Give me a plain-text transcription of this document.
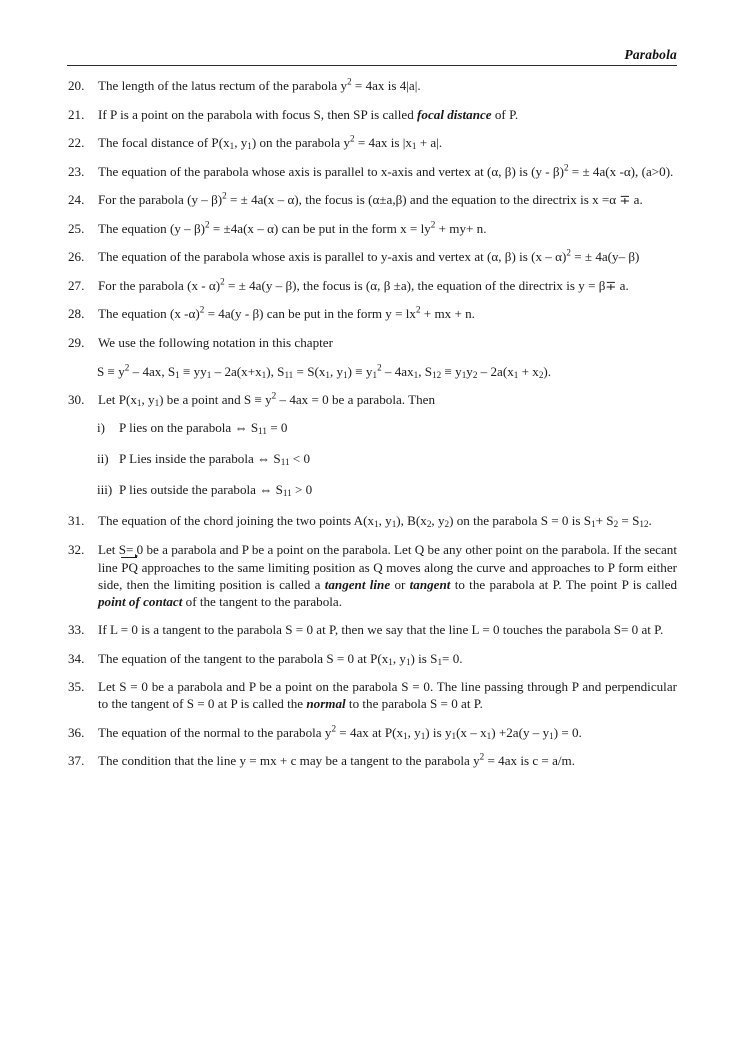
Parabola
20.	The length of the latus rectum of the parabola $y^2 = 4ax$ is 4|a|.
21.	If P is a point on the parabola with focus S, then SP is called focal distance of P.
22.	The focal distance of $P(x_1$, $y_1$) on the parabola $y^2 = 4ax$ is $|x_1 + a|$.
23.	The equation of the parabola whose axis is parallel to x-axis and vertex at (α, β) is (y - β)$^2$ = ± 4a(x -α), (a>0).
24.	For the parabola (y – β)$^2$ = ± 4a(x – α), the focus is (α±a,β) and the equation to the directrix is x =α ∓ a.
25.	The equation (y – β)$^2$ = ±4a(x – α) can be put in the form $x = ly^2 + my+ n$.
26.	The equation of the parabola whose axis is parallel to y-axis and vertex at (α, β) is (x – α)$^2$ = ± 4a(y– β)
27.	For the parabola (x - α)$^2$ = ± 4a(y – β), the focus is (α, β ±a), the equation of the directrix is y = β∓ a.
28.	The equation (x -α)$^2$ = 4a(y - β) can be put in the form $y = lx^2$ + mx + n.
29.	We use the following notation in this chapter
$S \equiv y^2 - 4ax$, $S_1 \equiv yy_1 - 2a(x+x_1)$, $S_{11} = S(x_1$, $y_1) \equiv y_1^2 - 4ax_1$, $S_{12} \equiv y_1y_2 - 2a(x_1 + x_2)$.
30.	Let $P(x_1$, $y_1$) be a point and $S \equiv y^2 - 4ax = 0$ be a parabola. Then
i)	P lies on the parabola ⇔ $S_{11} = 0$
ii) P Lies inside the parabola ⇔ $S_{11} < 0$
iii) P lies outside the parabola ⇔ $S_{11} > 0$
31.	The equation of the chord joining the two points $A(x_1$, $y_1$), $B(x_2$, $y_2$) on the parabola S = 0 is $S_1+ S_2 = S_{12}$.
32.	Let S= 0 be a parabola and P be a point on the parabola. Let Q be any other point on the parabola. If the secant line PQ approaches to the same limiting position as Q moves along the curve and approaches to P form either side, then the limiting position is called a tangent line or tangent to the parabola at P. The point P is called point of contact of the tangent to the parabola.
33.	If L = 0 is a tangent to the parabola S = 0 at P, then we say that the line L = 0 touches the parabola S= 0 at P.
34.	The equation of the tangent to the parabola S = 0 at $P(x_1$, $y_1$) is $S_1= 0$.
35.	Let S = 0 be a parabola and P be a point on the parabola S = 0. The line passing through P and perpendicular to the tangent of S = 0 at P is called the normal to the parabola S = 0 at P.
36.	The equation of the normal to the parabola $y^2 = 4ax$ at $P(x_1$, $y_1$) is $y_1(x - x_1) +2a(y - y_1) = 0$.
37.	The condition that the line y = mx + c may be a tangent to the parabola $y^2 = 4ax$ is c = a/m.
